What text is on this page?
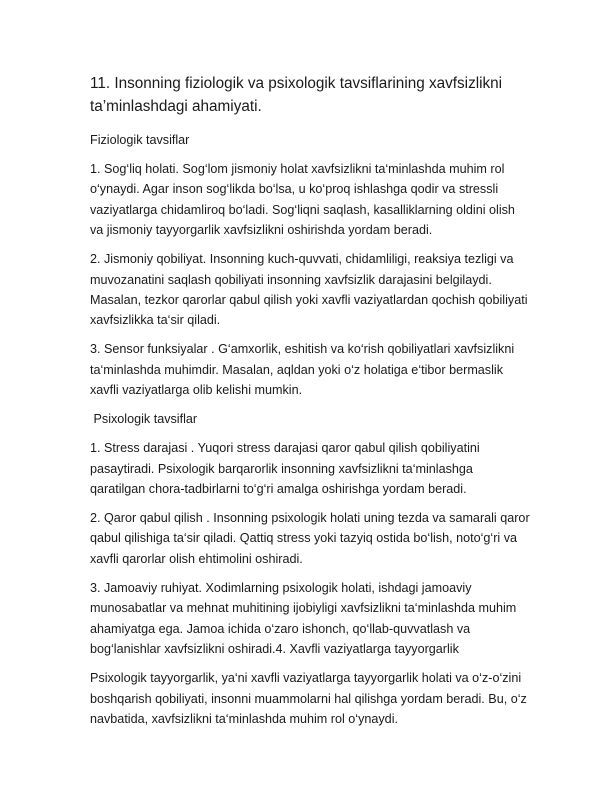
11. Insonning fiziologik va psixologik tavsiflarining xavfsizlikni ta’minlashdagi ahamiyati.

Fiziologik tavsiflar

1. Sog‘liq holati. Sog‘lom jismoniy holat xavfsizlikni ta‘minlashda muhim rol o‘ynaydi. Agar inson sog‘likda bo‘lsa, u ko‘proq ishlashga qodir va stressli vaziyatlarga chidamliroq bo‘ladi. Sog‘liqni saqlash, kasalliklarning oldini olish va jismoniy tayyorgarlik xavfsizlikni oshirishda yordam beradi.

2. Jismoniy qobiliyat. Insonning kuch-quvvati, chidamliligi, reaksiya tezligi va muvozanatini saqlash qobiliyati insonning xavfsizlik darajasini belgilaydi. Masalan, tezkor qarorlar qabul qilish yoki xavfli vaziyatlardan qochish qobiliyati xavfsizlikka ta‘sir qiladi.

3. Sensor funksiyalar . G‘amxorlik, eshitish va ko‘rish qobiliyatlari xavfsizlikni ta‘minlashda muhimdir. Masalan, aqldan yoki o‘z holatiga e‘tibor bermaslik xavfli vaziyatlarga olib kelishi mumkin.

Psixologik tavsiflar

1. Stress darajasi . Yuqori stress darajasi qaror qabul qilish qobiliyatini pasaytiradi. Psixologik barqarorlik insonning xavfsizlikni ta‘minlashga qaratilgan chora-tadbirlarni to‘g‘ri amalga oshirishga yordam beradi.

2. Qaror qabul qilish . Insonning psixologik holati uning tezda va samarali qaror qabul qilishiga ta‘sir qiladi. Qattiq stress yoki tazyiq ostida bo‘lish, noto‘g‘ri va xavfli qarorlar olish ehtimolini oshiradi.

3. Jamoaviy ruhiyat. Xodimlarning psixologik holati, ishdagi jamoaviy munosabatlar va mehnat muhitining ijobiyligi xavfsizlikni ta‘minlashda muhim ahamiyatga ega. Jamoa ichida o‘zaro ishonch, qo‘llab-quvvatlash va bog‘lanishlar xavfsizlikni oshiradi.4. Xavfli vaziyatlarga tayyorgarlik

Psixologik tayyorgarlik, ya‘ni xavfli vaziyatlarga tayyorgarlik holati va o‘z-o‘zini boshqarish qobiliyati, insonni muammolarni hal qilishga yordam beradi. Bu, o‘z navbatida, xavfsizlikni ta‘minlashda muhim rol o‘ynaydi.
